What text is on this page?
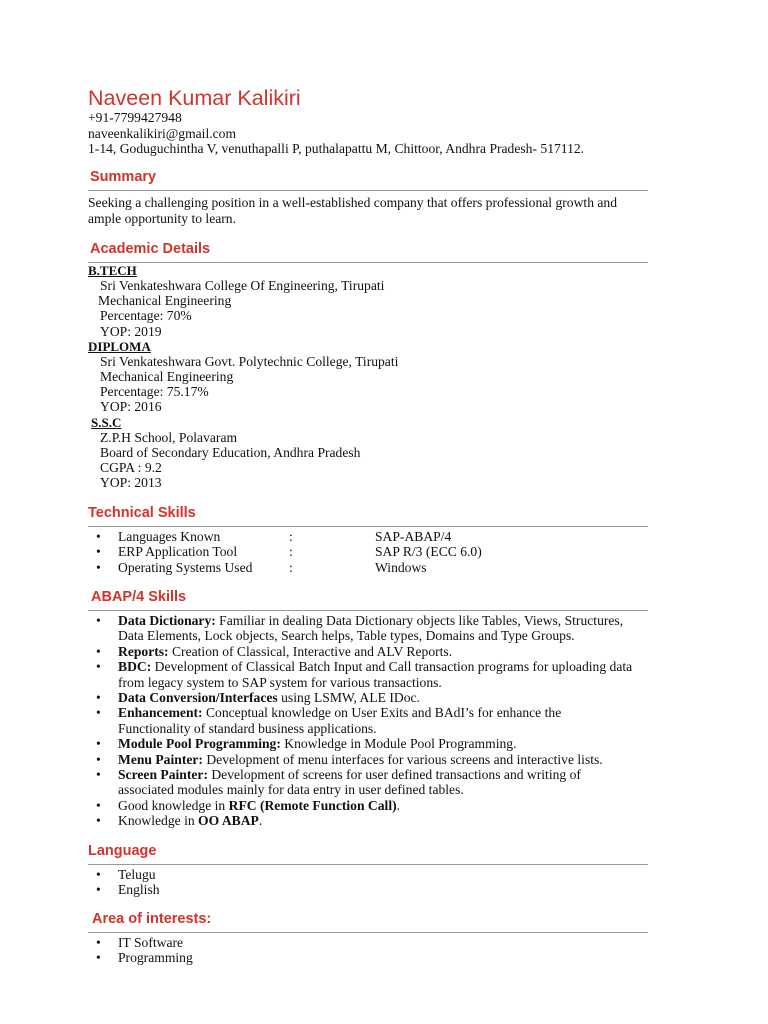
Naveen Kumar Kalikiri
+91-7799427948
naveenkalikiri@gmail.com
1-14, Goduguchintha V, venuthapalli P, puthalapattu M, Chittoor, Andhra Pradesh- 517112.
Summary
Seeking a challenging position in a well-established company that offers professional growth and ample opportunity to learn.
Academic Details
B.TECH
Sri Venkateshwara College Of Engineering, Tirupati
Mechanical Engineering
Percentage: 70%
YOP: 2019
DIPLOMA
Sri Venkateshwara Govt. Polytechnic College, Tirupati
Mechanical Engineering
Percentage: 75.17%
YOP: 2016
S.S.C
Z.P.H School, Polavaram
Board of Secondary Education, Andhra Pradesh
CGPA : 9.2
YOP: 2013
Technical Skills
• Languages Known	:	SAP-ABAP/4
• ERP Application Tool	:	SAP R/3 (ECC 6.0)
• Operating Systems Used	:	Windows
ABAP/4 Skills
• Data Dictionary: Familiar in dealing Data Dictionary objects like Tables, Views, Structures, Data Elements, Lock objects, Search helps, Table types, Domains and Type Groups.
• Reports: Creation of Classical, Interactive and ALV Reports.
• BDC: Development of Classical Batch Input and Call transaction programs for uploading data from legacy system to SAP system for various transactions.
• Data Conversion/Interfaces using LSMW, ALE IDoc.
• Enhancement: Conceptual knowledge on User Exits and BAdI’s for enhance the Functionality of standard business applications.
• Module Pool Programming: Knowledge in Module Pool Programming.
• Menu Painter: Development of menu interfaces for various screens and interactive lists.
• Screen Painter: Development of screens for user defined transactions and writing of associated modules mainly for data entry in user defined tables.
• Good knowledge in RFC (Remote Function Call).
• Knowledge in OO ABAP.
Language
• Telugu
• English
Area of interests:
• IT Software
• Programming
